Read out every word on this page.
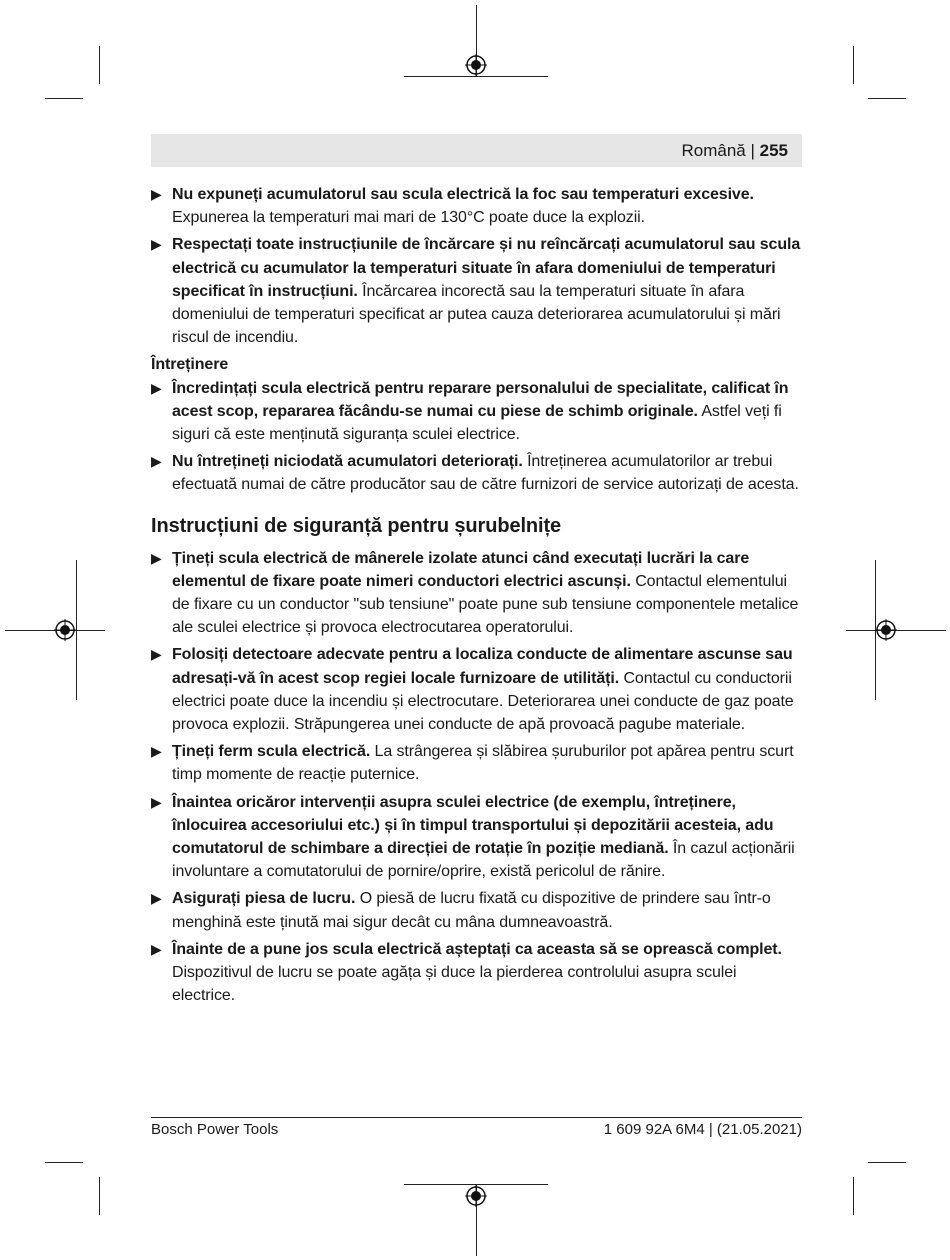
Română | 255
▶ Nu expuneți acumulatorul sau scula electrică la foc sau temperaturi excesive. Expunerea la temperaturi mai mari de 130°C poate duce la explozii.
▶ Respectați toate instrucțiunile de încărcare și nu reîncărcați acumulatorul sau scula electrică cu acumulator la temperaturi situate în afara domeniului de temperaturi specificat în instrucțiuni. Încărcarea incorectă sau la temperaturi situate în afara domeniului de temperaturi specificat ar putea cauza deteriorarea acumulatorului și mări riscul de incendiu.
Întreținere
▶ Încredințați scula electrică pentru reparare personalului de specialitate, calificat în acest scop, repararea făcându-se numai cu piese de schimb originale. Astfel veți fi siguri că este menținută siguranța sculei electrice.
▶ Nu întrețineți niciodată acumulatori deteriorați. Întreținerea acumulatorilor ar trebui efectuată numai de către producător sau de către furnizori de service autorizați de acesta.
Instrucțiuni de siguranță pentru șurubelnițe
▶ Țineți scula electrică de mânerele izolate atunci când executați lucrări la care elementul de fixare poate nimeri conductori electrici ascunși. Contactul elementului de fixare cu un conductor "sub tensiune" poate pune sub tensiune componentele metalice ale sculei electrice și provoca electrocutarea operatorului.
▶ Folosiți detectoare adecvate pentru a localiza conducte de alimentare ascunse sau adresați-vă în acest scop regiei locale furnizoare de utilități. Contactul cu conductorii electrici poate duce la incendiu și electrocutare. Deteriorarea unei conducte de gaz poate provoca explozii. Străpungerea unei conducte de apă provoacă pagube materiale.
▶ Țineți ferm scula electrică. La strângerea și slăbirea șuruburilor pot apărea pentru scurt timp momente de reacție puternice.
▶ Înaintea oricăror intervenții asupra sculei electrice (de exemplu, întreținere, înlocuirea accesoriului etc.) și în timpul transportului și depozitării acesteia, adu comutatorul de schimbare a direcției de rotație în poziție mediană. În cazul acționării involuntare a comutatorului de pornire/oprire, există pericolul de rănire.
▶ Asigurați piesa de lucru. O piesă de lucru fixată cu dispozitive de prindere sau într-o menghină este ținută mai sigur decât cu mâna dumneavoastră.
▶ Înainte de a pune jos scula electrică așteptați ca aceasta să se oprească complet. Dispozitivul de lucru se poate agăța și duce la pierderea controlului asupra sculei electrice.
Bosch Power Tools	1 609 92A 6M4 | (21.05.2021)
